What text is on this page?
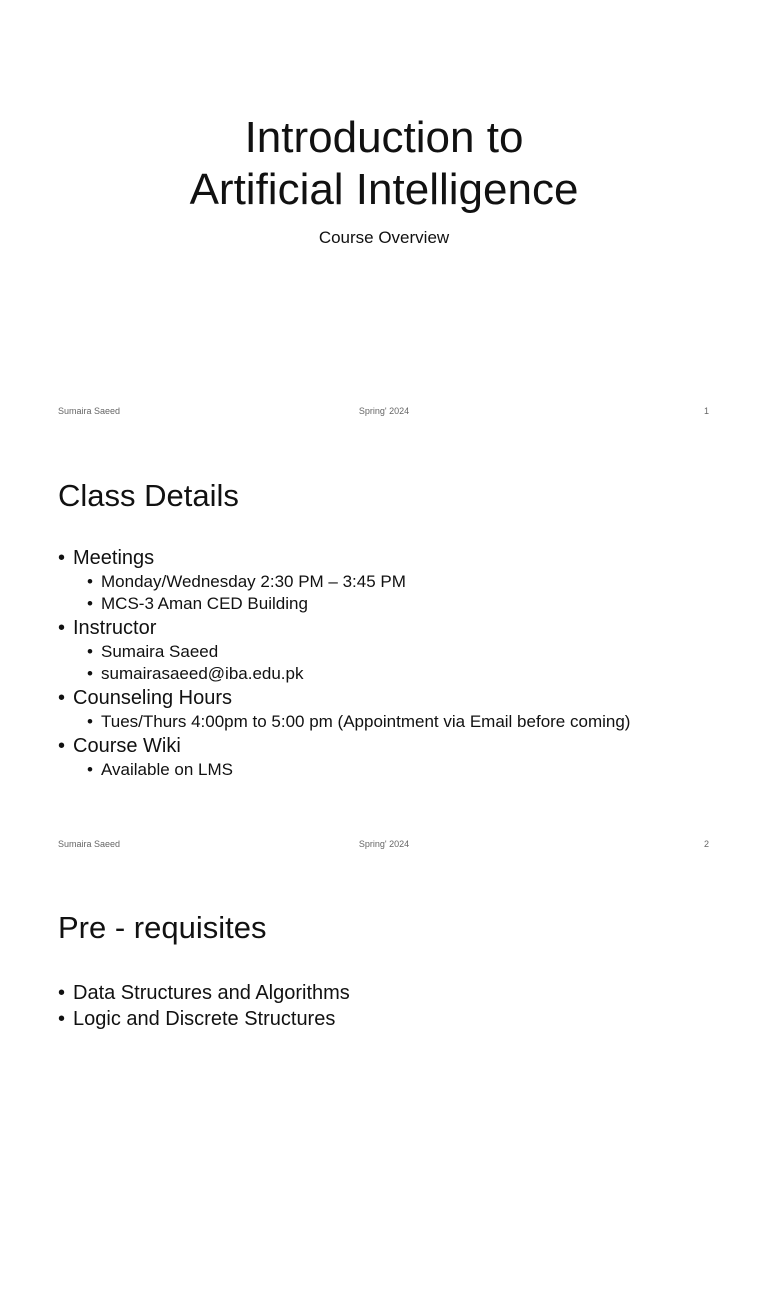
Introduction to
Artificial Intelligence
Course Overview
Sumaira Saeed	Spring' 2024	1
Class Details
• Meetings
• Monday/Wednesday 2:30 PM – 3:45 PM
• MCS-3 Aman CED Building
• Instructor
• Sumaira Saeed
• sumairasaeed@iba.edu.pk
• Counseling Hours
• Tues/Thurs 4:00pm to 5:00 pm (Appointment via Email before coming)
• Course Wiki
• Available on LMS
Sumaira Saeed	Spring' 2024	2
Pre - requisites
• Data Structures and Algorithms
• Logic and Discrete Structures
